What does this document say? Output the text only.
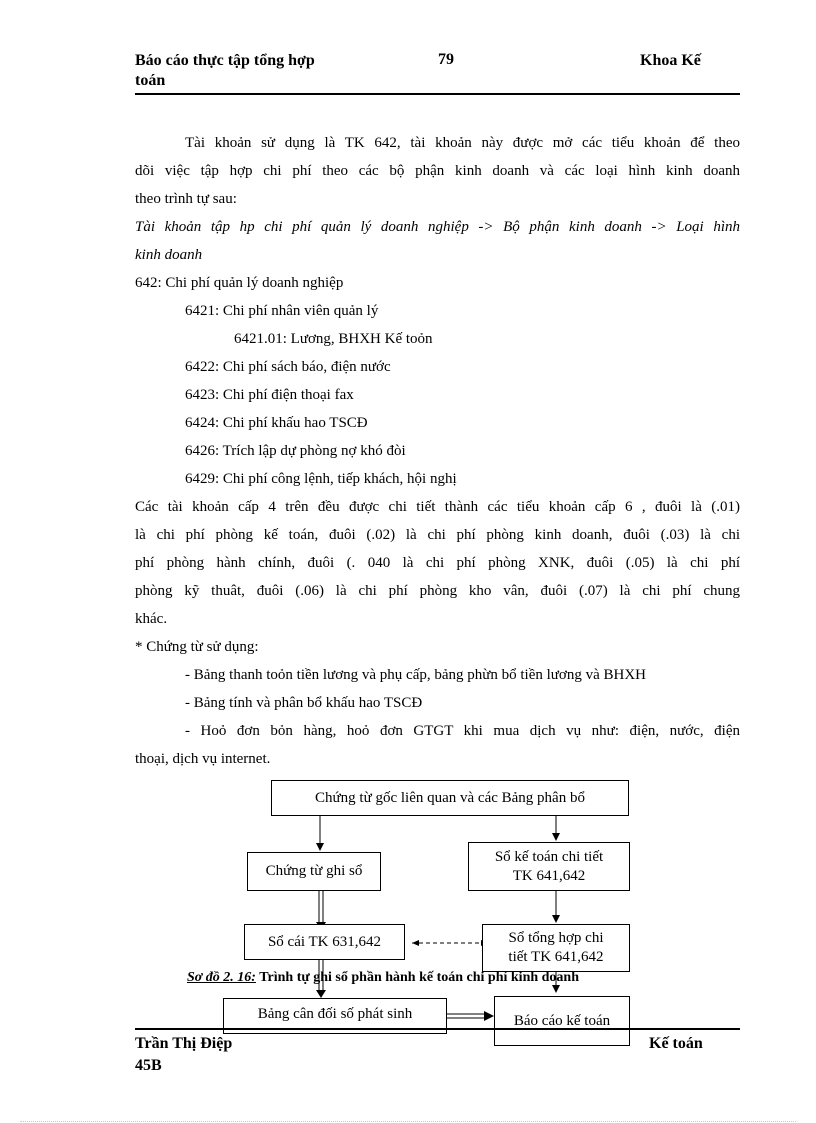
Báo cáo thực tập tổng hợp
toán
79	Khoa Kế
Tài khoản sử dụng là TK 642, tài khoản này được mở các tiểu khoản để theo
dõi việc tập hợp chi phí theo các bộ phận kinh doanh và các loại hình kinh doanh
theo trình tự sau:
Tài khoản tập hp chi phí quản lý doanh nghiệp -> Bộ phận kinh doanh -> Loại hình
kinh doanh
642: Chi phí quản lý doanh nghiệp
6421: Chi phí nhân viên quản lý
6421.01: Lương, BHXH Kế toỏn
6422: Chi phí sách báo, điện nước
6423: Chi phí điện thoại fax
6424: Chi phí khấu hao TSCĐ
6426: Trích lập dự phòng nợ khó đòi
6429: Chi phí công lệnh, tiếp khách, hội nghị
Các tài khoản cấp 4 trên đều được chi tiết thành các tiểu khoản cấp 6 , đuôi là (.01)
là chi phí phòng kế toán, đuôi (.02) là chi phí phòng kinh doanh, đuôi (.03) là chi
phí phòng hành chính, đuôi (. 040 là chi phí phòng XNK, đuôi (.05) là chi phí
phòng kỹ thuât, đuôi (.06) là chi phí phòng kho vân, đuôi (.07) là chi phí chung
khác.
* Chứng từ sử dụng:
- Bảng thanh toỏn tiền lương và phụ cấp, bảng phừn bổ tiền lương và BHXH
- Bảng tính và phân bổ khấu hao TSCĐ
- Hoỏ đơn bỏn hàng, hoỏ đơn GTGT khi mua dịch vụ như: điện, nước, điện
thoại, dịch vụ internet.
Chứng từ gốc liên quan và các Bảng phân bổ
Chứng từ ghi sổ
Sổ kế toán chi tiết
TK 641,642
Sổ cái TK 631,642	Sổ tổng hợp chi
tiết TK 641,642
Sơ đồ 2. 16: Trình tự ghi sổ phần hành kế toán chi phí kinh doanh
Bảng cân đối số phát sinh	Báo cáo kế toán
Trần Thị Điệp
45B
Kế toán
